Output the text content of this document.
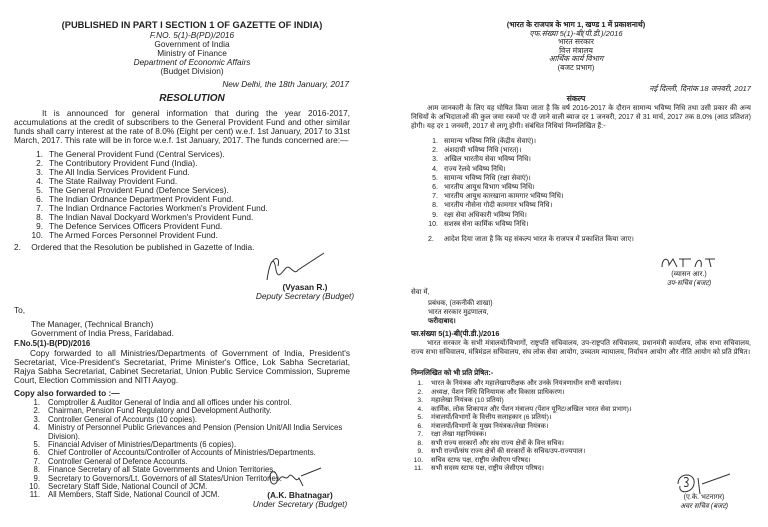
(PUBLISHED IN PART I SECTION 1 OF GAZETTE OF INDIA)
F.NO. 5(1)-B(PD)/2016
Government of India
Ministry of Finance
Department of Economic Affairs
(Budget Division)
New Delhi, the 18th January, 2017
RESOLUTION
It is announced for general information that during the year 2016-2017, accumulations at the credit of subscribers to the General Provident Fund and other similar funds shall carry interest at the rate of 8.0% (Eight per cent) w.e.f. 1st January, 2017 to 31st March, 2017. This rate will be in force w.e.f. 1st January, 2017. The funds concerned are:—
1. The General Provident Fund (Central Services).
2. The Contributory Provident Fund (India).
3. The All India Services Provident Fund.
4. The State Railway Provident Fund.
5. The General Provident Fund (Defence Services).
6. The Indian Ordnance Department Provident Fund.
7. The Indian Ordnance Factories Workmen's Provident Fund.
8. The Indian Naval Dockyard Workmen's Provident Fund.
9. The Defence Services Officers Provident Fund.
10. The Armed Forces Personnel Provident Fund.
2. Ordered that the Resolution be published in Gazette of India.
(Vyasan R.)
Deputy Secretary (Budget)
To,
The Manager, (Technical Branch)
Government of India Press, Faridabad.
F.No.5(1)-B(PD)/2016
Copy forwarded to all Ministries/Departments of Government of India, President's Secretariat, Vice-President's Secretariat, Prime Minister's Office, Lok Sabha Secretariat, Rajya Sabha Secretariat, Cabinet Secretariat, Union Public Service Commission, Supreme Court, Election Commission and NITI Aayog.
Copy also forwarded to :—
1. Comptroller & Auditor General of India and all offices under his control.
2. Chairman, Pension Fund Regulatory and Development Authority.
3. Controller General of Accounts (10 copies).
4. Ministry of Personnel Public Grievances and Pension (Pension Unit/All India Services Division).
5. Financial Adviser of Ministries/Departments (6 copies).
6. Chief Controller of Accounts/Controller of Accounts of Ministries/Departments.
7. Controller General of Defence Accounts.
8. Finance Secretary of all State Governments and Union Territories.
9. Secretary to Governors/Lt. Governors of all States/Union Territories.
10. Secretary Staff Side, National Council of JCM.
11. All Members, Staff Side, National Council of JCM.	(A.K. Bhatnagar)
Under Secretary (Budget)
(भारत के राजपत्र के भाग 1, खण्ड 1 में प्रकाशनार्थ)
एफ.संख्या 5(1)-बी(पी.डी.)/2016
भारत सरकार
वित्त मंत्रालय
आर्थिक कार्य विभाग
(बजट प्रभाग)
नई दिल्ली, दिनांक 18 जनवरी, 2017
संकल्प
आम जानकारी के लिए यह घोषित किया जाता है कि वर्ष 2016-2017 के दौरान सामान्य भविष्य निधि तथा उसी प्रकार की अन्य निधियों के अभिदाताओं की कुल जमा रकमों पर दी जाने वाली ब्याज दर 1 जनवरी, 2017 से 31 मार्च, 2017 तक 8.0% (आठ प्रतिशत) होगी। यह दर 1 जनवरी, 2017 से लागू होगी। संबंधित निधियां निम्नलिखित हैं:-
1. सामान्य भविष्य निधि (केंद्रीय सेवाएं)।
2. अंशदायी भविष्य निधि (भारत)।
3. अखिल भारतीय सेवा भविष्य निधि।
4. राज्य रेलवे भविष्य निधि।
5. सामान्य भविष्य निधि (रक्षा सेवाएं)।
6. भारतीय आयुध विभाग भविष्य निधि।
7. भारतीय आयुध कारखाना कामगार भविष्य निधि।
8. भारतीय नौसेना गोदी कामगार भविष्य निधि।
9. रक्षा सेवा अधिकारी भविष्य निधि।
10. सशस्त्र सेना कार्मिक भविष्य निधि।
2. आदेश दिया जाता है कि यह संकल्प भारत के राजपत्र में प्रकाशित किया जाए।
(व्यासन आर.)
उप-सचिव (बजट)
सेवा में,
प्रबंधक, (तकनीकी शाखा)
भारत सरकार मुद्रणालय,
फरीदाबाद।
फा.संख्या 5(1)-बी(पी.डी.)/2016
भारत सरकार के सभी मंत्रालयों/विभागों, राष्ट्रपति सचिवालय, उप-राष्ट्रपति सचिवालय, प्रधानमंत्री कार्यालय, लोक सभा सचिवालय, राज्य सभा सचिवालय, मंत्रिमंडल सचिवालय, संघ लोक सेवा आयोग, उच्चतम न्यायालय, निर्वाचन आयोग और नीति आयोग को प्रति प्रेषित।
निम्नलिखित को भी प्रति प्रेषित:-
1. भारत के नियंत्रक और महालेखापरीक्षक और उनके नियंत्रणाधीन सभी कार्यालय।
2. अध्यक्ष, पेंशन निधि विनियामक और विकास प्राधिकरण।
3. महालेखा नियंत्रक (10 प्रतियां)
4. कार्मिक, लोक शिकायत और पेंशन मंत्रालय (पेंशन यूनिट/अखिल भारत सेवा प्रभाग)।
5. मंत्रालयों/विभागों के वित्तीय सलाहकार (6 प्रतियां)।
6. मंत्रालयों/विभागों के मुख्य नियंत्रक/लेखा नियंत्रक।
7. रक्षा लेखा महानियंत्रक।
8. सभी राज्य सरकारों और संघ राज्य क्षेत्रों के वित्त सचिव।
9. सभी राज्यों/संघ राज्य क्षेत्रों की सरकारों के सचिव/उप-राज्यपाल।
10. सचिव स्टाफ पक्ष, राष्ट्रीय जेसीएम परिषद।
11. सभी सदस्य स्टाफ पक्ष, राष्ट्रीय जेसीएम परिषद।
(ए.के. भटनागर)
अवर सचिव (बजट)
